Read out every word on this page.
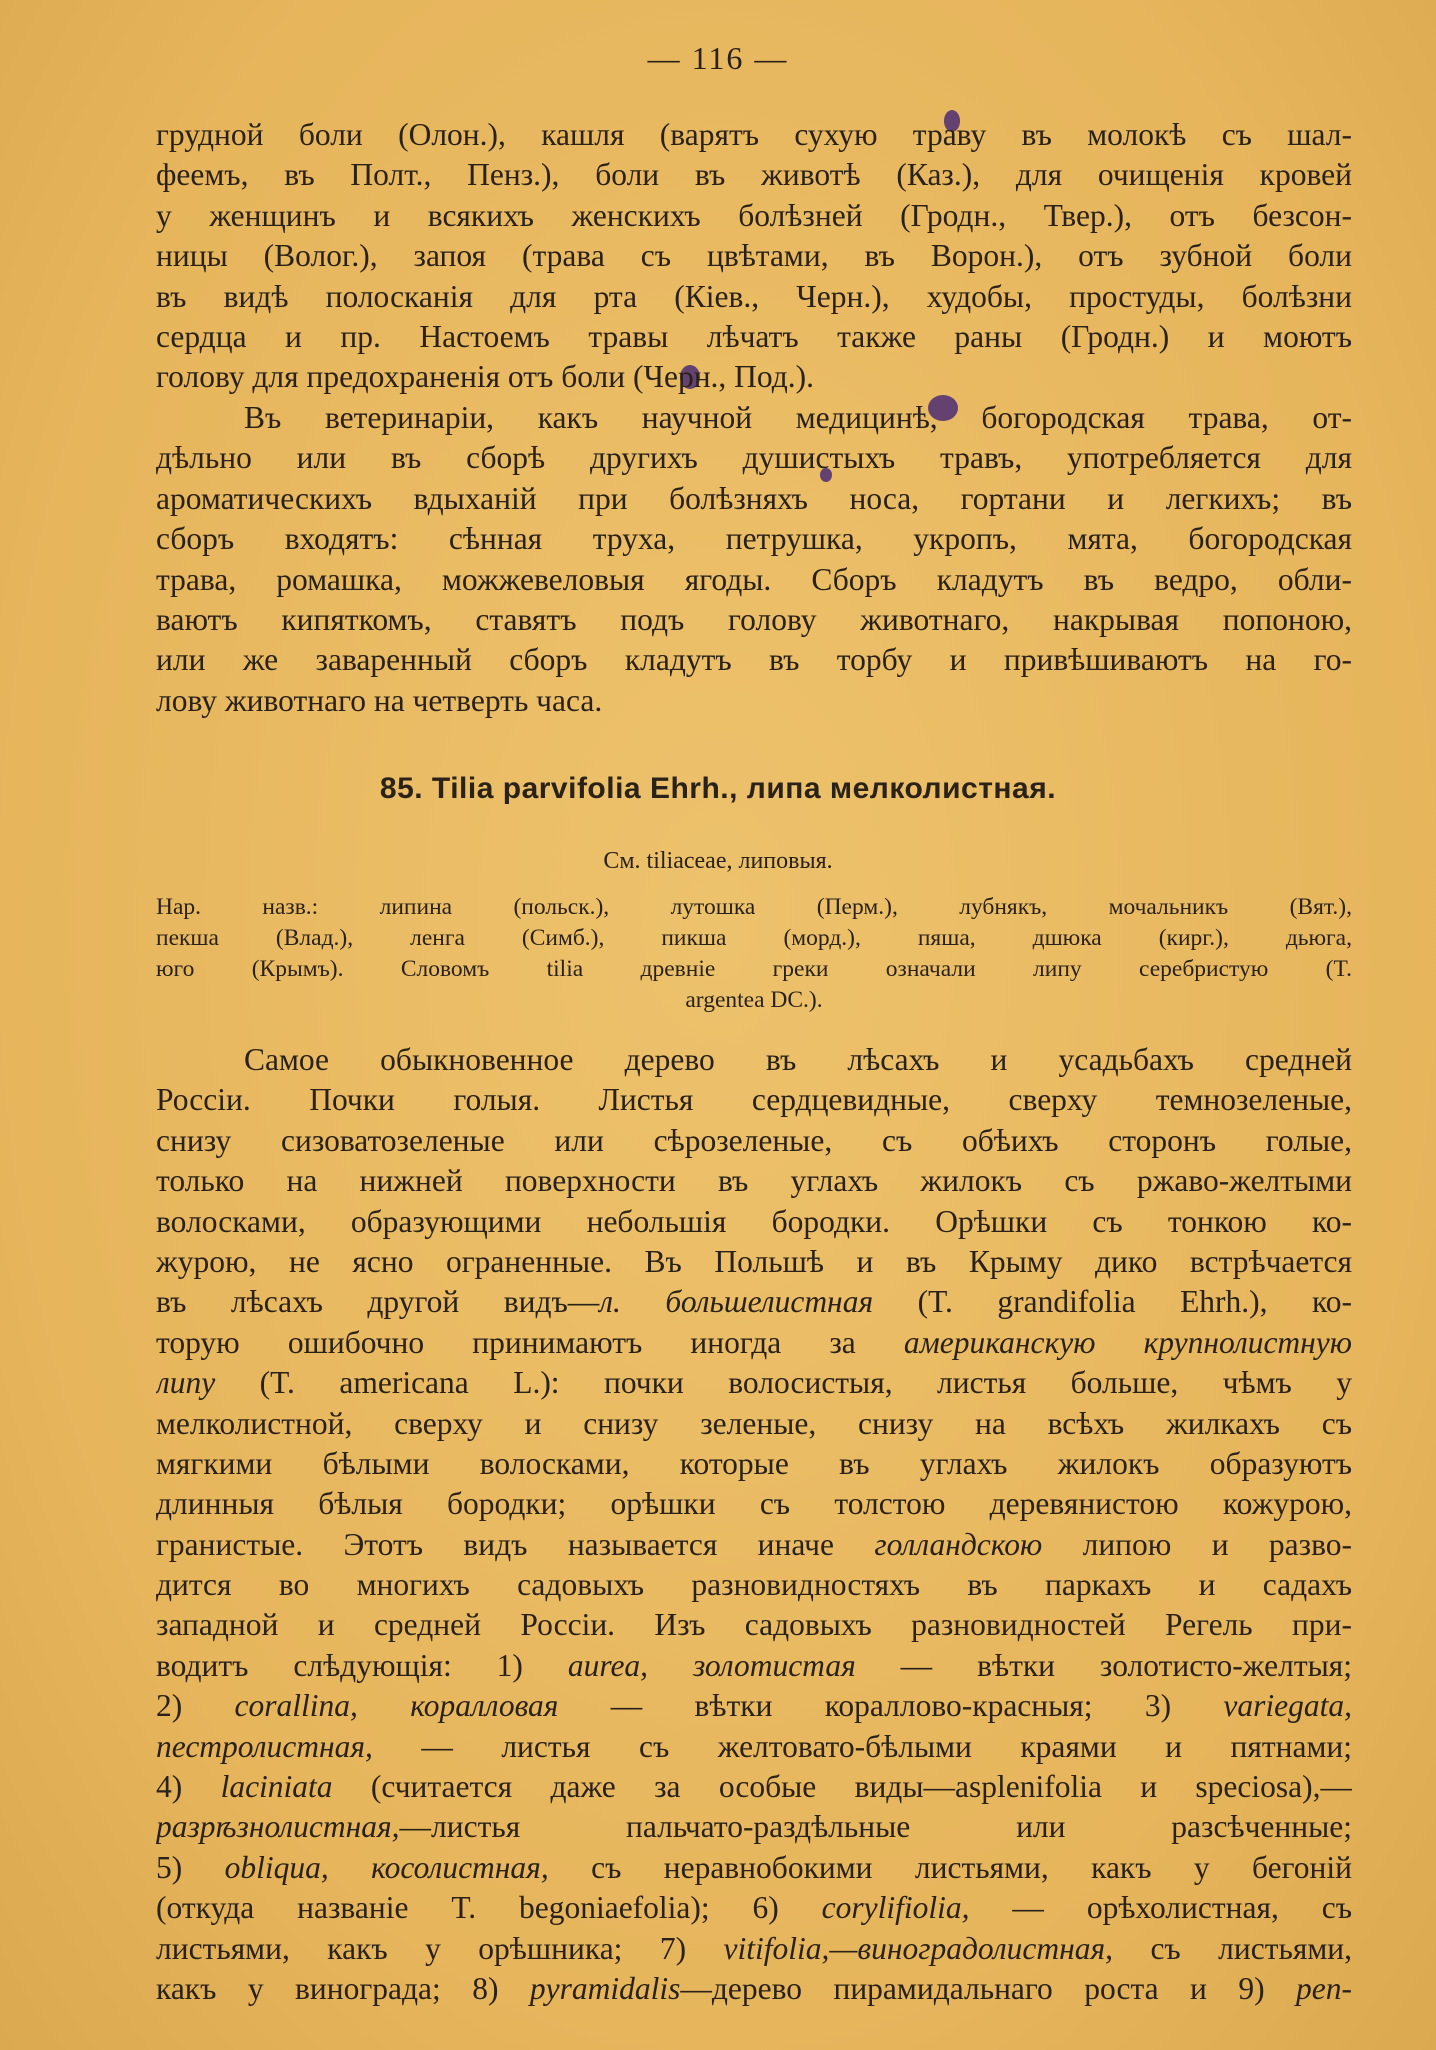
— 116 —
грудной боли (Олон.), кашля (варятъ сухую траву въ молокѣ съ шал-
феемъ, въ Полт., Пенз.), боли въ животѣ (Каз.), для очищенія кровей
у женщинъ и всякихъ женскихъ болѣзней (Гродн., Твер.), отъ безсон-
ницы (Волог.), запоя (трава съ цвѣтами, въ Ворон.), отъ зубной боли
въ видѣ полосканія для рта (Кіев., Черн.), худобы, простуды, болѣзни
сердца и пр. Настоемъ травы лѣчатъ также раны (Гродн.) и моютъ
голову для предохраненія отъ боли (Черн., Под.).
Въ ветеринаріи, какъ научной медицинѣ, богородская трава, от-
дѣльно или въ сборѣ другихъ душистыхъ травъ, употребляется для
ароматическихъ вдыханій при болѣзняхъ носа, гортани и легкихъ; въ
сборъ входятъ: сѣнная труха, петрушка, укропъ, мята, богородская
трава, ромашка, можжевеловыя ягоды. Сборъ кладутъ въ ведро, обли-
ваютъ кипяткомъ, ставятъ подъ голову животнаго, накрывая попоною,
или же заваренный сборъ кладутъ въ торбу и привѣшиваютъ на го-
лову животнаго на четверть часа.
85. Tilia parvifolia Ehrh., липа мелколистная.
См. tiliaceae, липовыя.
Нар. назв.: липина (польск.), лутошка (Перм.), лубнякъ, мочальникъ (Вят.),
пекша (Влад.), ленга (Симб.), пикша (морд.), пяша, дшюка (кирг.), дьюга,
юго (Крымъ). Словомъ tilia древніе греки означали липу серебристую (T.
argentea DC.).
Самое обыкновенное дерево въ лѣсахъ и усадьбахъ средней
Россіи. Почки голыя. Листья сердцевидные, сверху темнозеленые,
снизу сизоватозеленые или сѣрозеленые, съ обѣихъ сторонъ голые,
только на нижней поверхности въ углахъ жилокъ съ ржаво-желтыми
волосками, образующими небольшія бородки. Орѣшки съ тонкою ко-
журою, не ясно ограненные. Въ Польшѣ и въ Крыму дико встрѣчается
въ лѣсахъ другой видъ—л. большелистная (T. grandifolia Ehrh.), ко-
торую ошибочно принимаютъ иногда за американскую крупнолистную
липу (T. americana L.): почки волосистыя, листья больше, чѣмъ у
мелколистной, сверху и снизу зеленые, снизу на всѣхъ жилкахъ съ
мягкими бѣлыми волосками, которые въ углахъ жилокъ образуютъ
длинныя бѣлыя бородки; орѣшки съ толстою деревянистою кожурою,
гранистые. Этотъ видъ называется иначе голландскою липою и разво-
дится во многихъ садовыхъ разновидностяхъ въ паркахъ и садахъ
западной и средней Россіи. Изъ садовыхъ разновидностей Регель при-
водитъ слѣдующія: 1) aurea, золотистая — вѣтки золотисто-желтыя;
2) corallina, коралловая — вѣтки кораллово-красныя; 3) variegata,
пестролистная, — листья съ желтовато-бѣлыми краями и пятнами;
4) laciniata (считается даже за особые виды—asplenifolia и speciosa),—
разрѣзнолистная,—листья пальчато-раздѣльные или разсѣченные;
5) obliqua, косолистная, съ неравнобокими листьями, какъ у бегоній
(откуда названіе T. begoniaefolia); 6) corylifiolia, — орѣхолистная, съ
листьями, какъ у орѣшника; 7) vitifolia,—виноградолистная, съ листьями,
какъ у винограда; 8) pyramidalis—дерево пирамидальнаго роста и 9) pen-
